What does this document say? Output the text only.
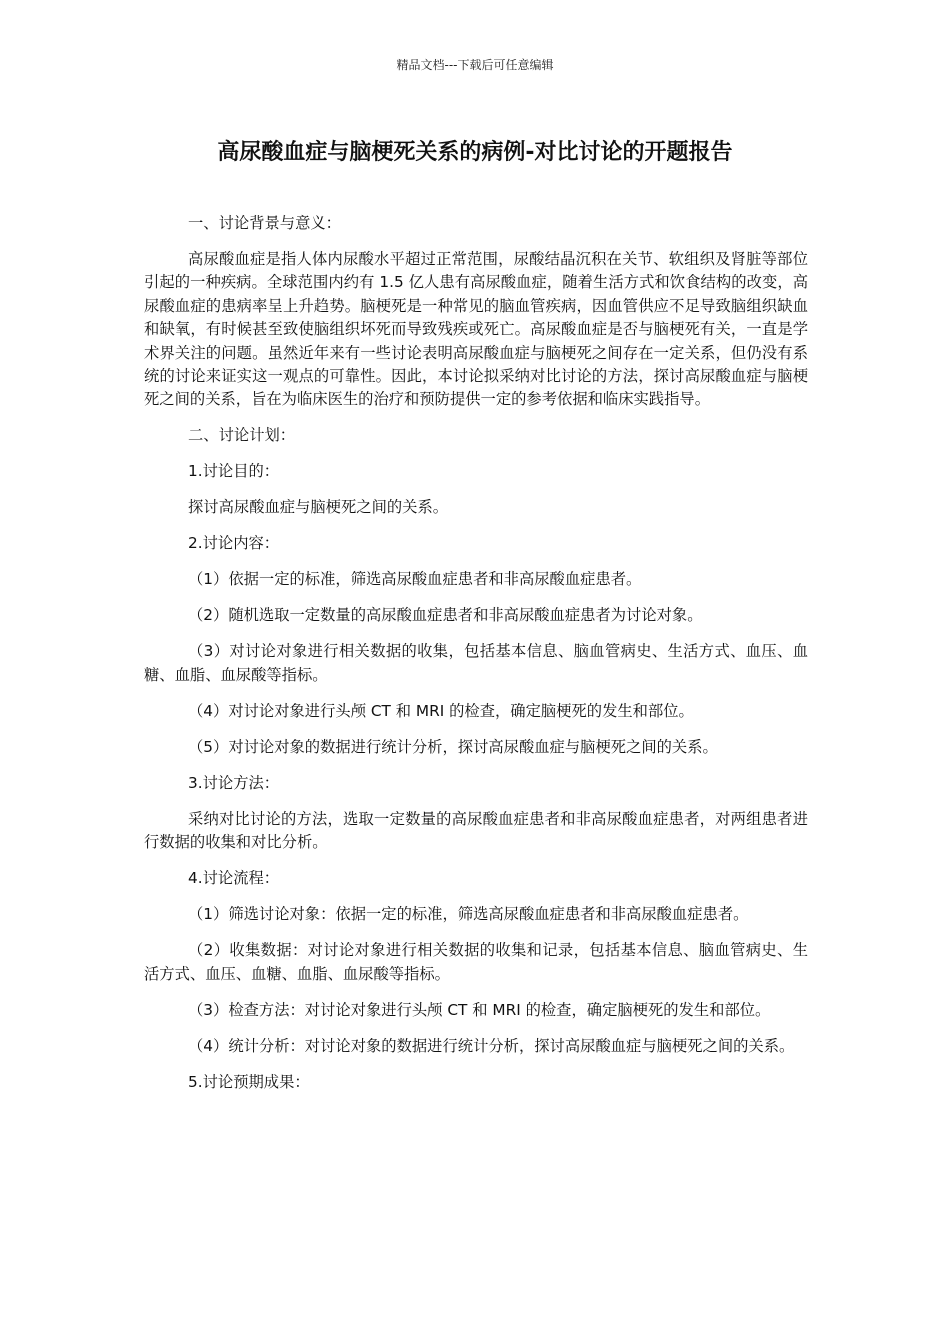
精品文档---下载后可任意编辑
高尿酸血症与脑梗死关系的病例-对比讨论的开题报告

一、讨论背景与意义：

高尿酸血症是指人体内尿酸水平超过正常范围，尿酸结晶沉积在关节、软组织及肾脏等部位引起的一种疾病。全球范围内约有 1.5 亿人患有高尿酸血症，随着生活方式和饮食结构的改变，高尿酸血症的患病率呈上升趋势。脑梗死是一种常见的脑血管疾病，因血管供应不足导致脑组织缺血和缺氧，有时候甚至致使脑组织坏死而导致残疾或死亡。高尿酸血症是否与脑梗死有关，一直是学术界关注的问题。虽然近年来有一些讨论表明高尿酸血症与脑梗死之间存在一定关系，但仍没有系统的讨论来证实这一观点的可靠性。因此，本讨论拟采纳对比讨论的方法，探讨高尿酸血症与脑梗死之间的关系，旨在为临床医生的治疗和预防提供一定的参考依据和临床实践指导。

二、讨论计划：

1.讨论目的：

探讨高尿酸血症与脑梗死之间的关系。

2.讨论内容：

（1）依据一定的标准，筛选高尿酸血症患者和非高尿酸血症患者。

（2）随机选取一定数量的高尿酸血症患者和非高尿酸血症患者为讨论对象。

（3）对讨论对象进行相关数据的收集，包括基本信息、脑血管病史、生活方式、血压、血糖、血脂、血尿酸等指标。

（4）对讨论对象进行头颅 CT 和 MRI 的检查，确定脑梗死的发生和部位。

（5）对讨论对象的数据进行统计分析，探讨高尿酸血症与脑梗死之间的关系。

3.讨论方法：

采纳对比讨论的方法，选取一定数量的高尿酸血症患者和非高尿酸血症患者，对两组患者进行数据的收集和对比分析。

4.讨论流程：

（1）筛选讨论对象：依据一定的标准，筛选高尿酸血症患者和非高尿酸血症患者。

（2）收集数据：对讨论对象进行相关数据的收集和记录，包括基本信息、脑血管病史、生活方式、血压、血糖、血脂、血尿酸等指标。

（3）检查方法：对讨论对象进行头颅 CT 和 MRI 的检查，确定脑梗死的发生和部位。

（4）统计分析：对讨论对象的数据进行统计分析，探讨高尿酸血症与脑梗死之间的关系。

5.讨论预期成果：
